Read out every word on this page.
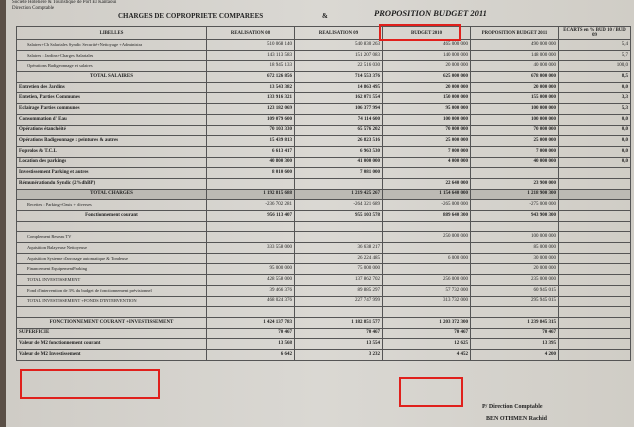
Société Hôtelière & Touristique de Port El Kantaoui
Direction Comptable
CHARGES DE COPROPRIETE COMPAREES	&	PROPOSITION BUDGET 2011
LIBELLES	REALISATION 08	REALISATION 09	BUDGET 2010	PROPOSITION BUDGET 2011	ECARTS en % BUD 10 / BUD 09
Salaires+Ch Salariales Syndic Securité+Nettoyage +Administra	510 068 140	540 830 263	465 000 000	490 000 000	5,4
Salaires : Jardins+Charges Salariales	143 113 583	151 207 083	140 000 000	148 000 000	5,7
Opérations Badigeonnage et salaires	18 945 133	22 516 030	20 000 000	40 000 000	100,0
TOTAL SALAIRES	672 126 856	714 553 376	625 000 000	678 000 000	8,5
Entretien des Jardins	13 543 382	14 863 495	20 000 000	20 000 000	0,0
Entetien, Parties Communes	133 916 321	162 071 554	150 000 000	155 000 000	3,3
Eclairage Parties communes	123 182 069	106 377 994	95 000 000	100 000 000	5,3
Consommation d' Eau	109 079 600	74 114 600	100 000 000	100 000 000	0,0
Opérations étanchéité	70 103 330	65 576 202	70 000 000	70 000 000	0,0
Opérations Badigeonnage : peintures & autres	15 439 813	26 823 516	25 000 000	25 000 000	0,0
Foprolos & T.C.L	6 613 417	6 963 530	7 000 000	7 000 000	0,0
Location des parkings	40 800 300	41 000 000	4 000 000	40 000 000	0,0
Investissement Parking et autres	8 010 600	7 081 000			
Rémunérationdu Syndic (2%dhBP)			22 640 000	23 900 000	
TOTAL CHARGES	1 192 815 688	1 219 425 267	1 154 640 000	1 218 900 300	
Recettes : Parking+Oasis + diverses	-236 702 281	-264 321 689	-265 000 000	-275 000 000	
Fonctionnement courant	956 113 407	955 103 578	889 640 300	943 900 300	

Complement Reseau TV			250 000 000	100 000 000	
Aquisition Balayeuse Nettoyeuse	333 558 000	36 638 217		85 000 000	
Aquisition Systeme d'arrosage automatique & Tondeuse		26 224 485	6 000 000	30 000 000	
Financement EquipementParking	95 000 000	75 000 000		20 000 000	
TOTAL INVESTISSEMENT	428 558 000	137 862 702	256 000 000	235 000 000	
Fond d'intervention de 3% du budget de fonctionnement prévisionnel	39 466 376	89 885 297	57 732 000	60 945 015	
TOTAL INVESTISSEMENT +FONDS D'INTERVENTION	468 024 376	227 747 999	313 732 000	295 945 015	

FONCTIONNEMENT COURANT +INVESTISSEMENT	1 424 137 783	1 182 851 577	1 203 372 300	1 239 845 315	
SUPERFICIE	70 467	70 467	70 467	70 467	
Valeur de M2 fonctionnement courant	13 568	13 554	12 625	13 395	
Valeur de M2 Investissement	6 642	3 232	4 452	4 200	
P/ Direction Comptable
BEN OTHMEN Rachid
